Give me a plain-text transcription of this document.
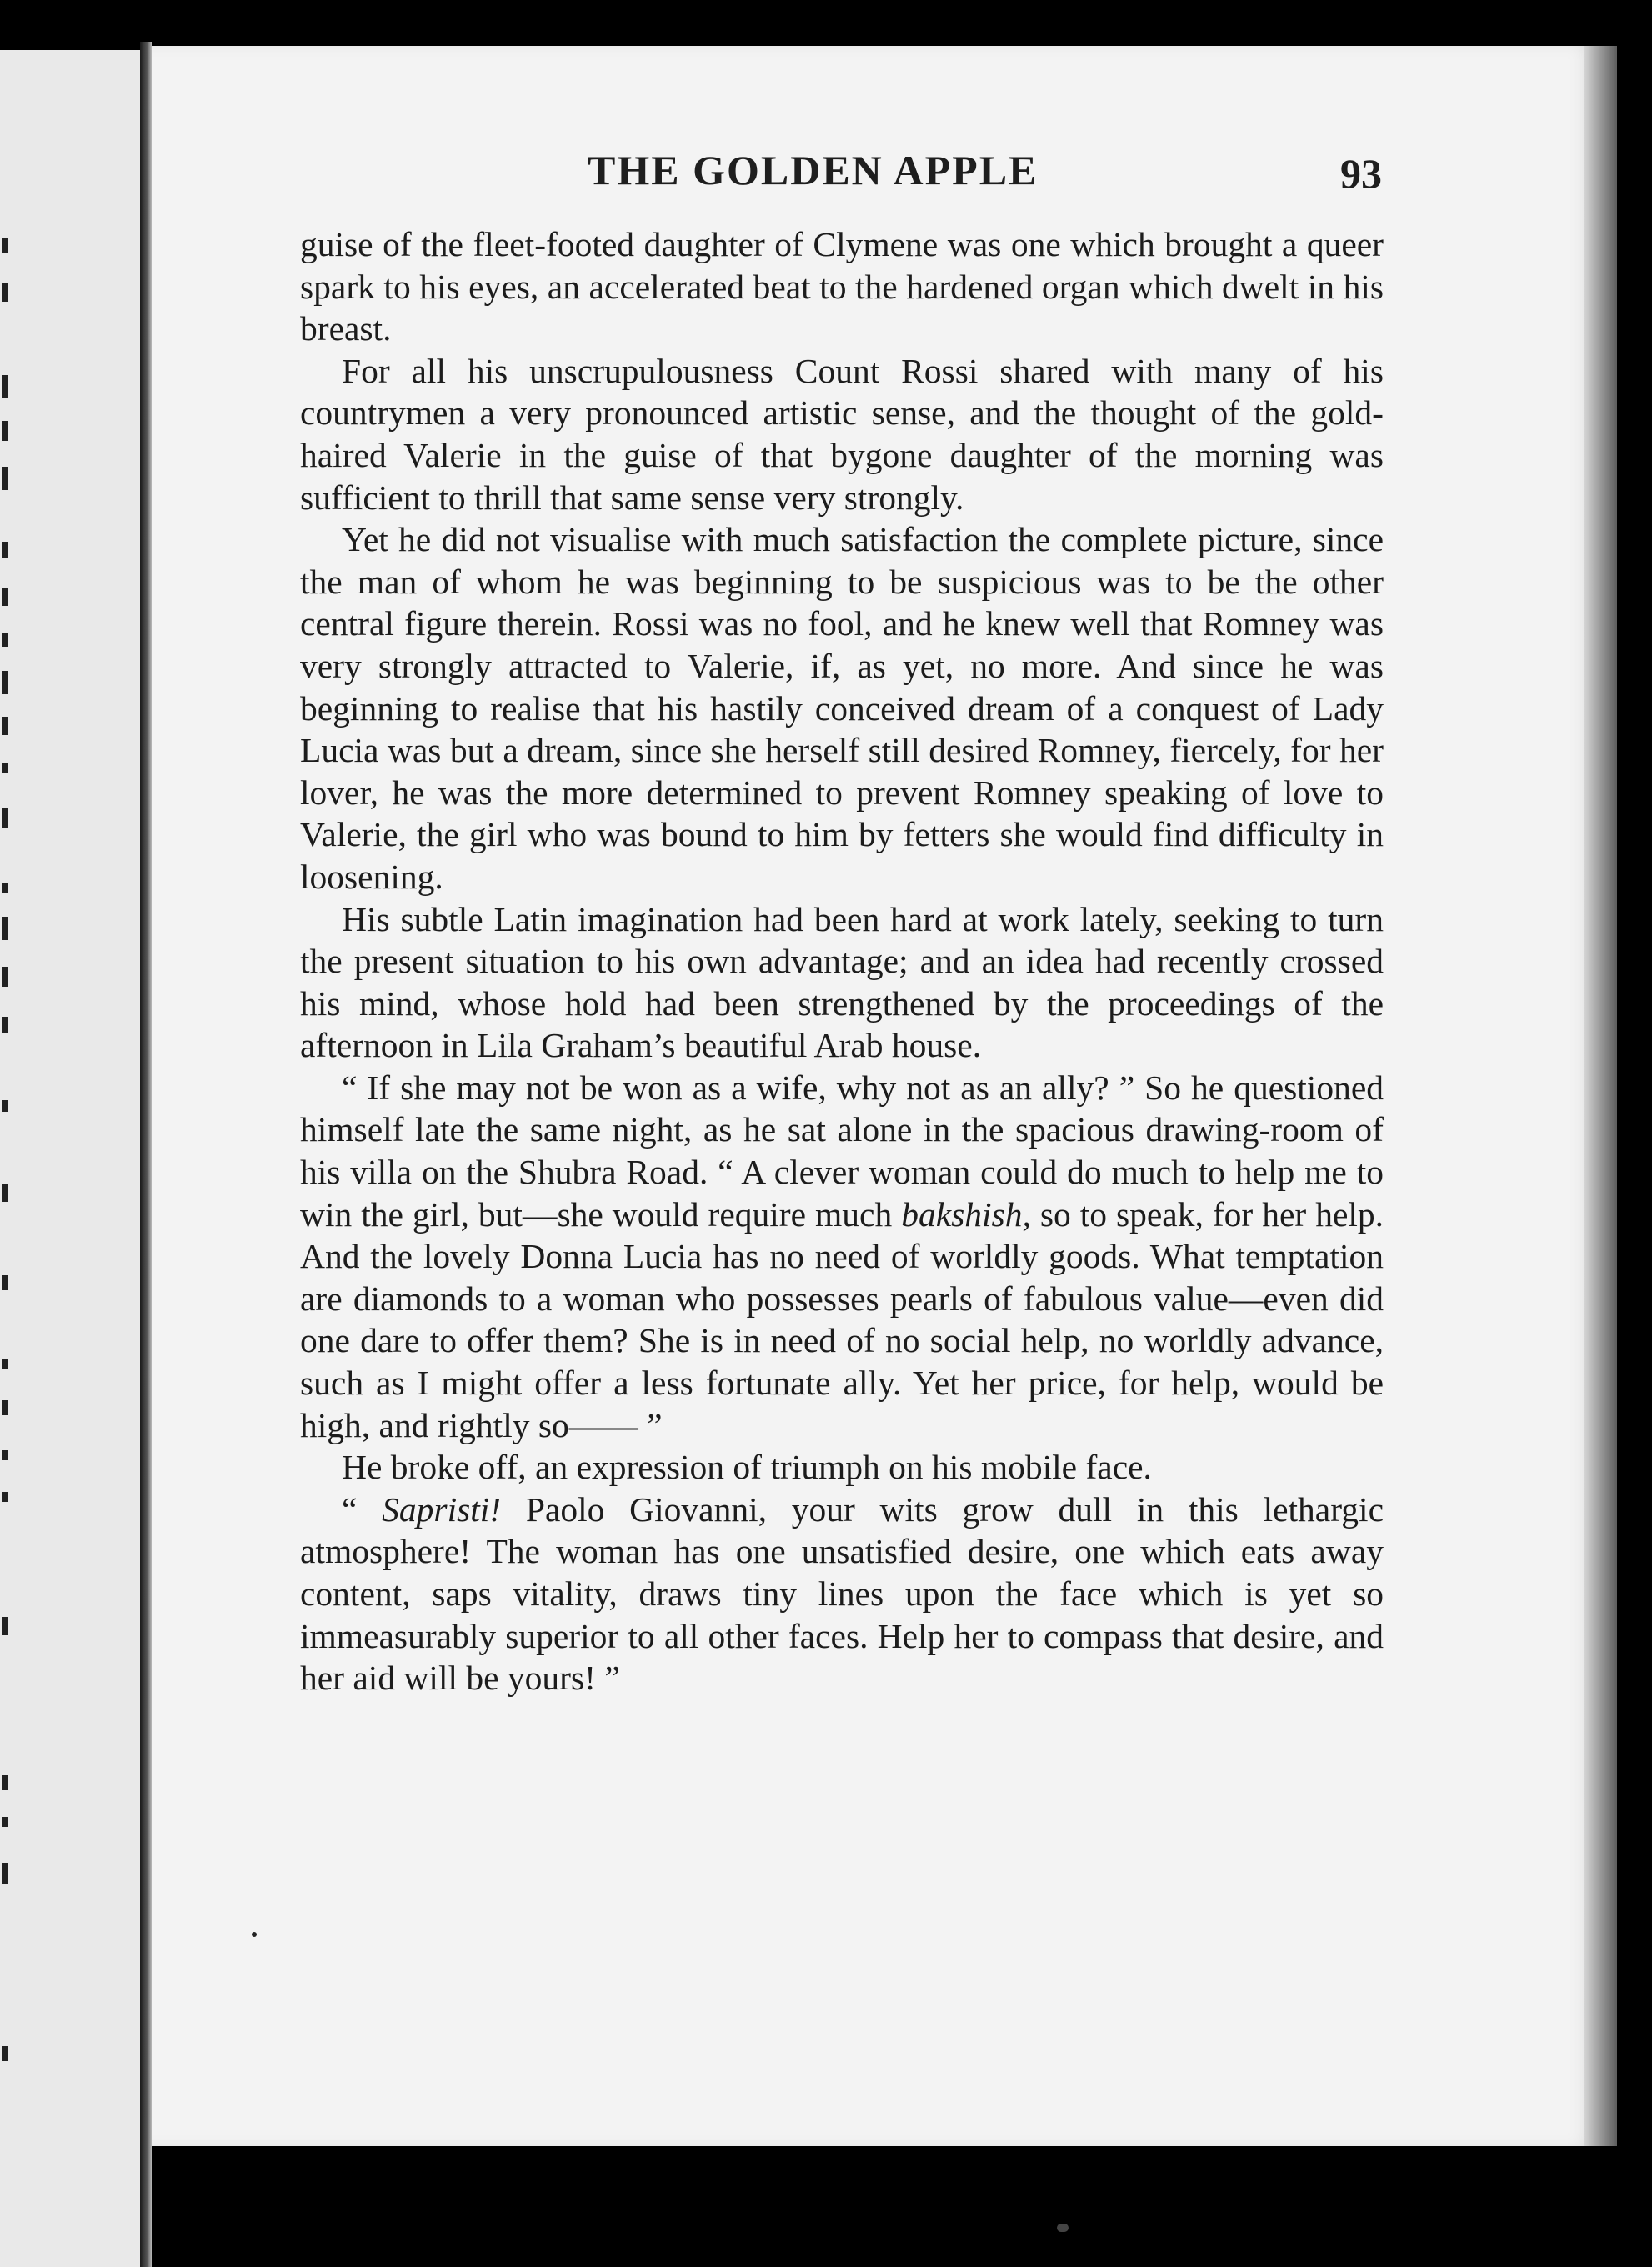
THE GOLDEN APPLE	93

guise of the fleet-footed daughter of Clymene was one which brought a queer spark to his eyes, an accelerated beat to the hardened organ which dwelt in his breast.

For all his unscrupulousness Count Rossi shared with many of his countrymen a very pronounced artistic sense, and the thought of the gold-haired Valerie in the guise of that bygone daughter of the morning was sufficient to thrill that same sense very strongly.

Yet he did not visualise with much satisfaction the complete picture, since the man of whom he was beginning to be suspicious was to be the other central figure therein. Rossi was no fool, and he knew well that Romney was very strongly attracted to Valerie, if, as yet, no more. And since he was beginning to realise that his hastily conceived dream of a conquest of Lady Lucia was but a dream, since she herself still desired Romney, fiercely, for her lover, he was the more determined to prevent Romney speaking of love to Valerie, the girl who was bound to him by fetters she would find difficulty in loosening.

His subtle Latin imagination had been hard at work lately, seeking to turn the present situation to his own advantage; and an idea had recently crossed his mind, whose hold had been strengthened by the proceedings of the afternoon in Lila Graham’s beautiful Arab house.

“ If she may not be won as a wife, why not as an ally? ” So he questioned himself late the same night, as he sat alone in the spacious drawing-room of his villa on the Shubra Road. “ A clever woman could do much to help me to win the girl, but—she would require much bakshish, so to speak, for her help. And the lovely Donna Lucia has no need of worldly goods. What temptation are diamonds to a woman who possesses pearls of fabulous value—even did one dare to offer them? She is in need of no social help, no worldly advance, such as I might offer a less fortunate ally. Yet her price, for help, would be high, and rightly so—— ”

He broke off, an expression of triumph on his mobile face.

“ Sapristi! Paolo Giovanni, your wits grow dull in this lethargic atmosphere! The woman has one unsatisfied desire, one which eats away content, saps vitality, draws tiny lines upon the face which is yet so immeasurably superior to all other faces. Help her to compass that desire, and her aid will be yours! ”
